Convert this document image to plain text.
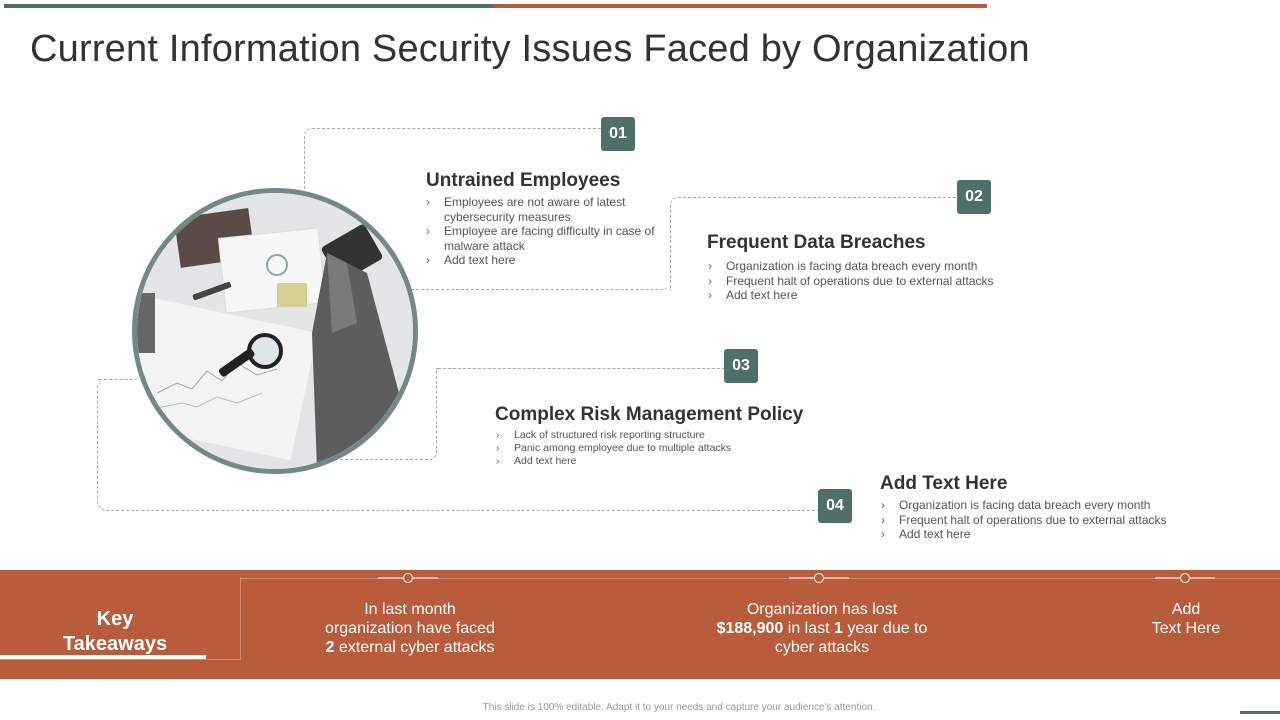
Current Information Security Issues Faced by Organization
01
Untrained Employees
› Employees are not aware of latest cybersecurity measures
› Employee are facing difficulty in case of malware attack
› Add text here
02
Frequent Data Breaches
› Organization is facing data breach every month
› Frequent halt of operations due to external attacks
› Add text here
03
Complex Risk Management Policy
› Lack of structured risk reporting structure
› Panic among employee due to multiple attacks
› Add text here
04
Add Text Here
› Organization is facing data breach every month
› Frequent halt of operations due to external attacks
› Add text here
Key
Takeaways
In last month
organization have faced
2 external cyber attacks
Organization has lost
$188,900 in last 1 year due to
cyber attacks
Add
Text Here
This slide is 100% editable. Adapt it to your needs and capture your audience's attention.
